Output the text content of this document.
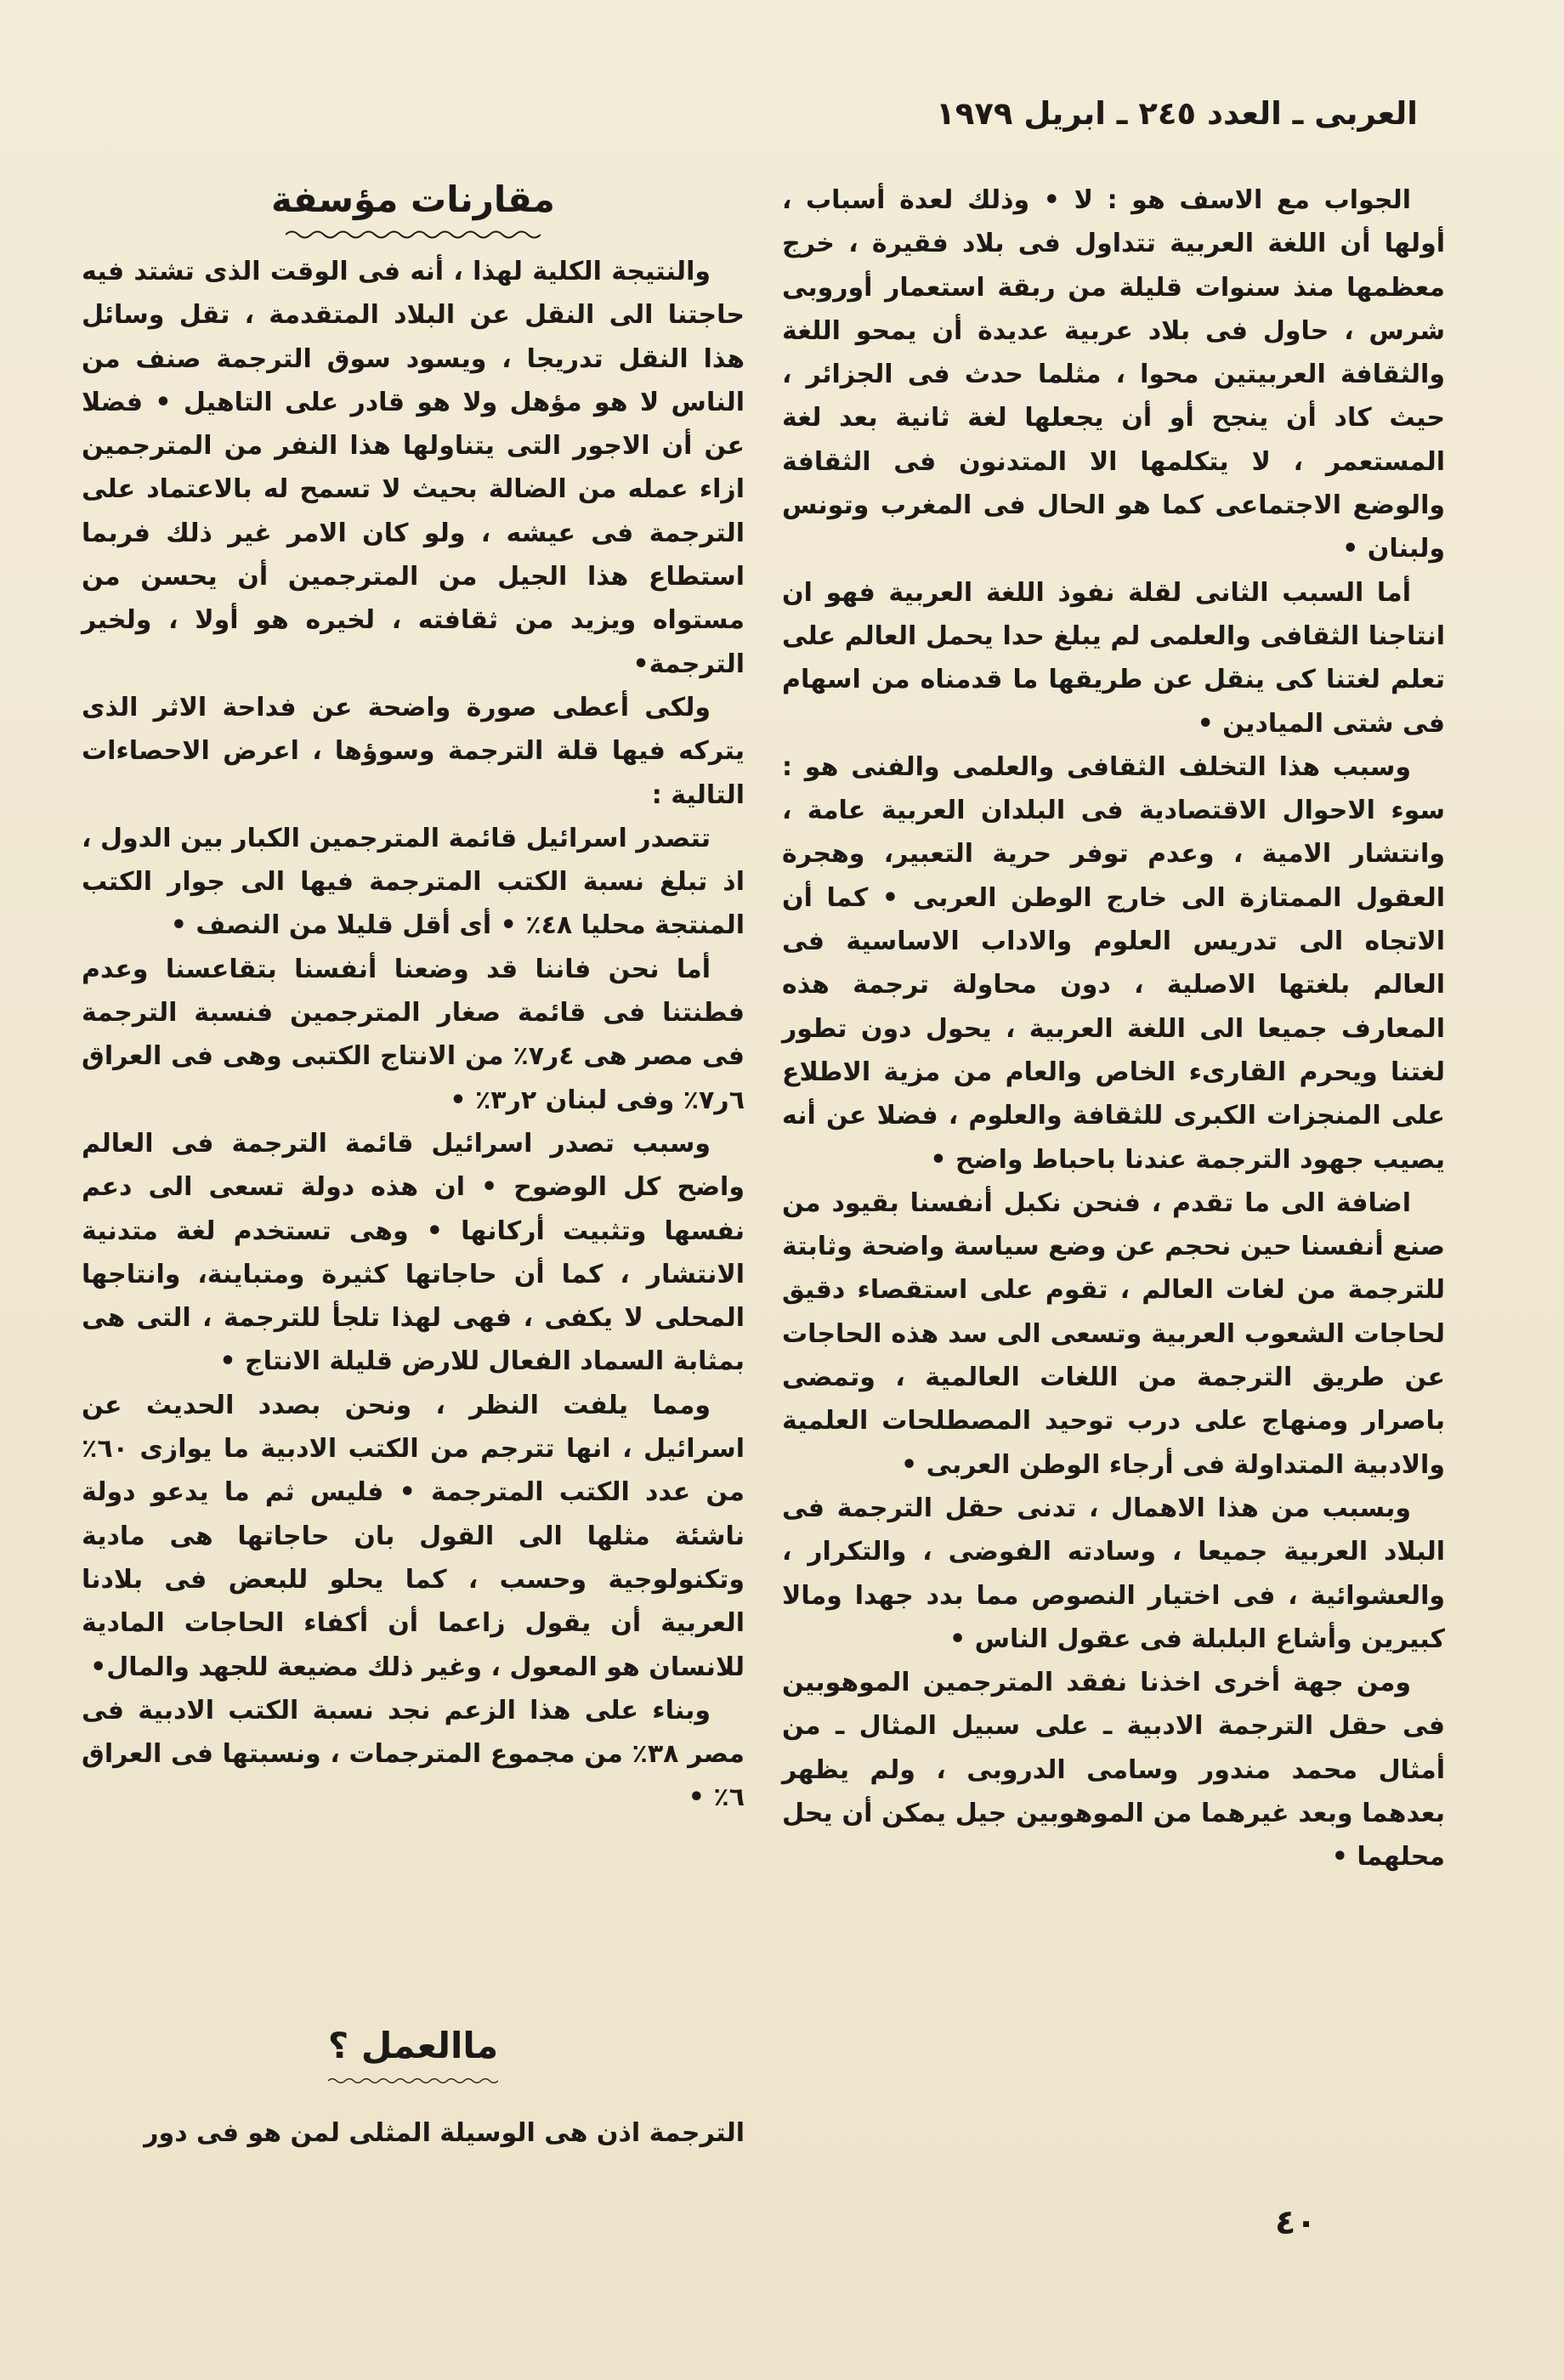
العربى ـ العدد ٢٤٥ ـ ابريل ١٩٧٩

الجواب مع الاسف هو : لا • وذلك لعدة أسباب ، أولها أن اللغة العربية تتداول فى بلاد فقيرة ، خرج معظمها منذ سنوات قليلة من ربقة استعمار أوروبى شرس ، حاول فى بلاد عربية عديدة أن يمحو اللغة والثقافة العربيتين محوا ، مثلما حدث فى الجزائر ، حيث كاد أن ينجح أو أن يجعلها لغة ثانية بعد لغة المستعمر ، لا يتكلمها الا المتدنون فى الثقافة والوضع الاجتماعى كما هو الحال فى المغرب وتونس ولبنان •

أما السبب الثانى لقلة نفوذ اللغة العربية فهو ان انتاجنا الثقافى والعلمى لم يبلغ حدا يحمل العالم على تعلم لغتنا كى ينقل عن طريقها ما قدمناه من اسهام فى شتى الميادين •

وسبب هذا التخلف الثقافى والعلمى والفنى هو : سوء الاحوال الاقتصادية فى البلدان العربية عامة ، وانتشار الامية ، وعدم توفر حرية التعبير، وهجرة العقول الممتازة الى خارج الوطن العربى • كما أن الاتجاه الى تدريس العلوم والاداب الاساسية فى العالم بلغتها الاصلية ، دون محاولة ترجمة هذه المعارف جميعا الى اللغة العربية ، يحول دون تطور لغتنا ويحرم القارىء الخاص والعام من مزية الاطلاع على المنجزات الكبرى للثقافة والعلوم ، فضلا عن أنه يصيب جهود الترجمة عندنا باحباط واضح •

اضافة الى ما تقدم ، فنحن نكبل أنفسنا بقيود من صنع أنفسنا حين نحجم عن وضع سياسة واضحة وثابتة للترجمة من لغات العالم ، تقوم على استقصاء دقيق لحاجات الشعوب العربية وتسعى الى سد هذه الحاجات عن طريق الترجمة من اللغات العالمية ، وتمضى باصرار ومنهاج على درب توحيد المصطلحات العلمية والادبية المتداولة فى أرجاء الوطن العربى •

وبسبب من هذا الاهمال ، تدنى حقل الترجمة فى البلاد العربية جميعا ، وسادته الفوضى ، والتكرار ، والعشوائية ، فى اختيار النصوص مما بدد جهدا ومالا كبيرين وأشاع البلبلة فى عقول الناس •

ومن جهة أخرى اخذنا نفقد المترجمين الموهوبين فى حقل الترجمة الادبية ـ على سبيل المثال ـ من أمثال محمد مندور وسامى الدروبى ، ولم يظهر بعدهما وبعد غيرهما من الموهوبين جيل يمكن أن يحل محلهما •

مقارنات مؤسفة

والنتيجة الكلية لهذا ، أنه فى الوقت الذى تشتد فيه حاجتنا الى النقل عن البلاد المتقدمة ، تقل وسائل هذا النقل تدريجا ، ويسود سوق الترجمة صنف من الناس لا هو مؤهل ولا هو قادر على التاهيل • فضلا عن أن الاجور التى يتناولها هذا النفر من المترجمين ازاء عمله من الضالة بحيث لا تسمح له بالاعتماد على الترجمة فى عيشه ، ولو كان الامر غير ذلك فربما استطاع هذا الجيل من المترجمين أن يحسن من مستواه ويزيد من ثقافته ، لخيره هو أولا ، ولخير الترجمة•

ولكى أعطى صورة واضحة عن فداحة الاثر الذى يتركه فيها قلة الترجمة وسوؤها ، اعرض الاحصاءات التالية :

تتصدر اسرائيل قائمة المترجمين الكبار بين الدول ، اذ تبلغ نسبة الكتب المترجمة فيها الى جوار الكتب المنتجة محليا ٤٨٪ • أى أقل قليلا من النصف •

أما نحن فاننا قد وضعنا أنفسنا بتقاعسنا وعدم فطنتنا فى قائمة صغار المترجمين فنسبة الترجمة فى مصر هى ٤ر٧٪ من الانتاج الكتبى وهى فى العراق ٦ر٧٪ وفى لبنان ٢ر٣٪ •

وسبب تصدر اسرائيل قائمة الترجمة فى العالم واضح كل الوضوح • ان هذه دولة تسعى الى دعم نفسها وتثبيت أركانها • وهى تستخدم لغة متدنية الانتشار ، كما أن حاجاتها كثيرة ومتباينة، وانتاجها المحلى لا يكفى ، فهى لهذا تلجأ للترجمة ، التى هى بمثابة السماد الفعال للارض قليلة الانتاج •

ومما يلفت النظر ، ونحن بصدد الحديث عن اسرائيل ، انها تترجم من الكتب الادبية ما يوازى ٦٠٪ من عدد الكتب المترجمة • فليس ثم ما يدعو دولة ناشئة مثلها الى القول بان حاجاتها هى مادية وتكنولوجية وحسب ، كما يحلو للبعض فى بلادنا العربية أن يقول زاعما أن أكفاء الحاجات المادية للانسان هو المعول ، وغير ذلك مضيعة للجهد والمال•

وبناء على هذا الزعم نجد نسبة الكتب الادبية فى مصر ٣٨٪ من مجموع المترجمات ، ونسبتها فى العراق ٦٪ •

ماالعمل ؟
الترجمة اذن هى الوسيلة المثلى لمن هو فى دور
٤٠
